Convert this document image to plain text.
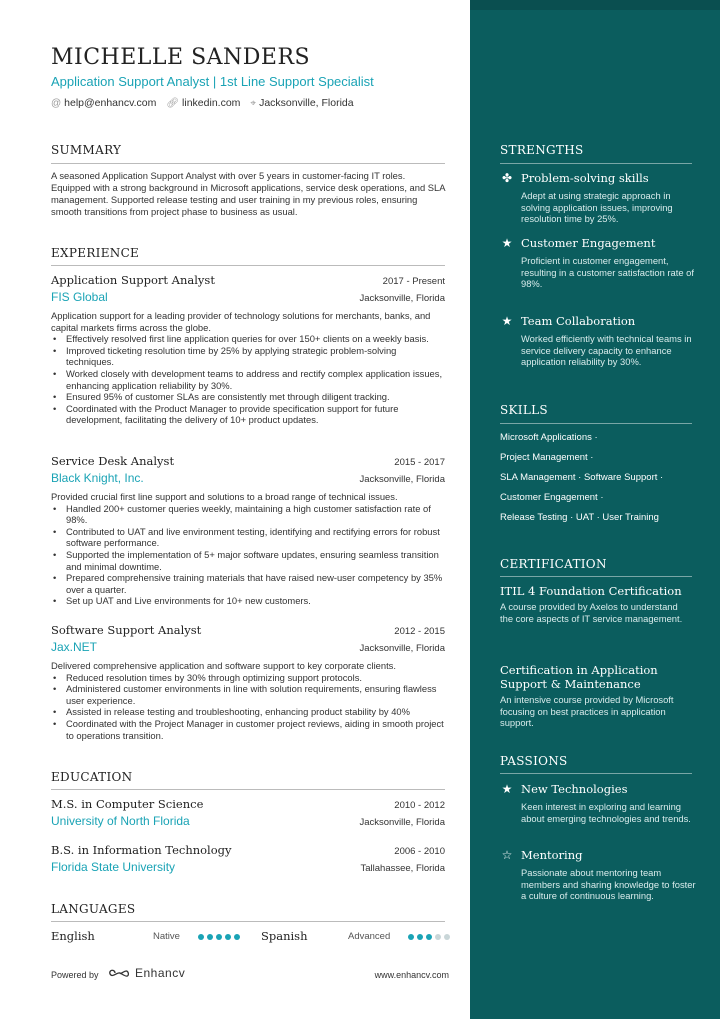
MICHELLE SANDERS
Application Support Analyst | 1st Line Support Specialist
@ help@enhancv.com 🔗︎ linkedin.com ⌖ Jacksonville, Florida
SUMMARY
A seasoned Application Support Analyst with over 5 years in customer-facing IT roles. Equipped with a strong background in Microsoft applications, service desk operations, and SLA management. Supported release testing and user training in my previous roles, ensuring smooth transitions from project phase to business as usual.
EXPERIENCE
Application Support Analyst	2017 - Present
FIS Global	Jacksonville, Florida
Application support for a leading provider of technology solutions for merchants, banks, and capital markets firms across the globe.
• Effectively resolved first line application queries for over 150+ clients on a weekly basis.
• Improved ticketing resolution time by 25% by applying strategic problem-solving techniques.
• Worked closely with development teams to address and rectify complex application issues, enhancing application reliability by 30%.
• Ensured 95% of customer SLAs are consistently met through diligent tracking.
• Coordinated with the Product Manager to provide specification support for future development, facilitating the delivery of 10+ product updates.
Service Desk Analyst	2015 - 2017
Black Knight, Inc.	Jacksonville, Florida
Provided crucial first line support and solutions to a broad range of technical issues.
• Handled 200+ customer queries weekly, maintaining a high customer satisfaction rate of 98%.
• Contributed to UAT and live environment testing, identifying and rectifying errors for robust software performance.
• Supported the implementation of 5+ major software updates, ensuring seamless transition and minimal downtime.
• Prepared comprehensive training materials that have raised new-user competency by 35% over a quarter.
• Set up UAT and Live environments for 10+ new customers.
Software Support Analyst	2012 - 2015
Jax.NET	Jacksonville, Florida
Delivered comprehensive application and software support to key corporate clients.
• Reduced resolution times by 30% through optimizing support protocols.
• Administered customer environments in line with solution requirements, ensuring flawless user experience.
• Assisted in release testing and troubleshooting, enhancing product stability by 40%
• Coordinated with the Project Manager in customer project reviews, aiding in smooth project to operations transition.
EDUCATION
M.S. in Computer Science	2010 - 2012
University of North Florida	Jacksonville, Florida
B.S. in Information Technology	2006 - 2010
Florida State University	Tallahassee, Florida
LANGUAGES
English	Native	Spanish	Advanced
Powered by	Enhancv	www.enhancv.com
STRENGTHS
✤ Problem-solving skills
Adept at using strategic approach in solving application issues, improving resolution time by 25%.
★ Customer Engagement
Proficient in customer engagement, resulting in a customer satisfaction rate of 98%.
★ Team Collaboration
Worked efficiently with technical teams in service delivery capacity to enhance application reliability by 30%.
SKILLS
Microsoft Applications ·
Project Management ·
SLA Management · Software Support ·
Customer Engagement ·
Release Testing · UAT · User Training
CERTIFICATION
ITIL 4 Foundation Certification
A course provided by Axelos to understand the core aspects of IT service management.
Certification in Application Support & Maintenance
An intensive course provided by Microsoft focusing on best practices in application support.
PASSIONS
★ New Technologies
Keen interest in exploring and learning about emerging technologies and trends.
☆ Mentoring
Passionate about mentoring team members and sharing knowledge to foster a culture of continuous learning.
